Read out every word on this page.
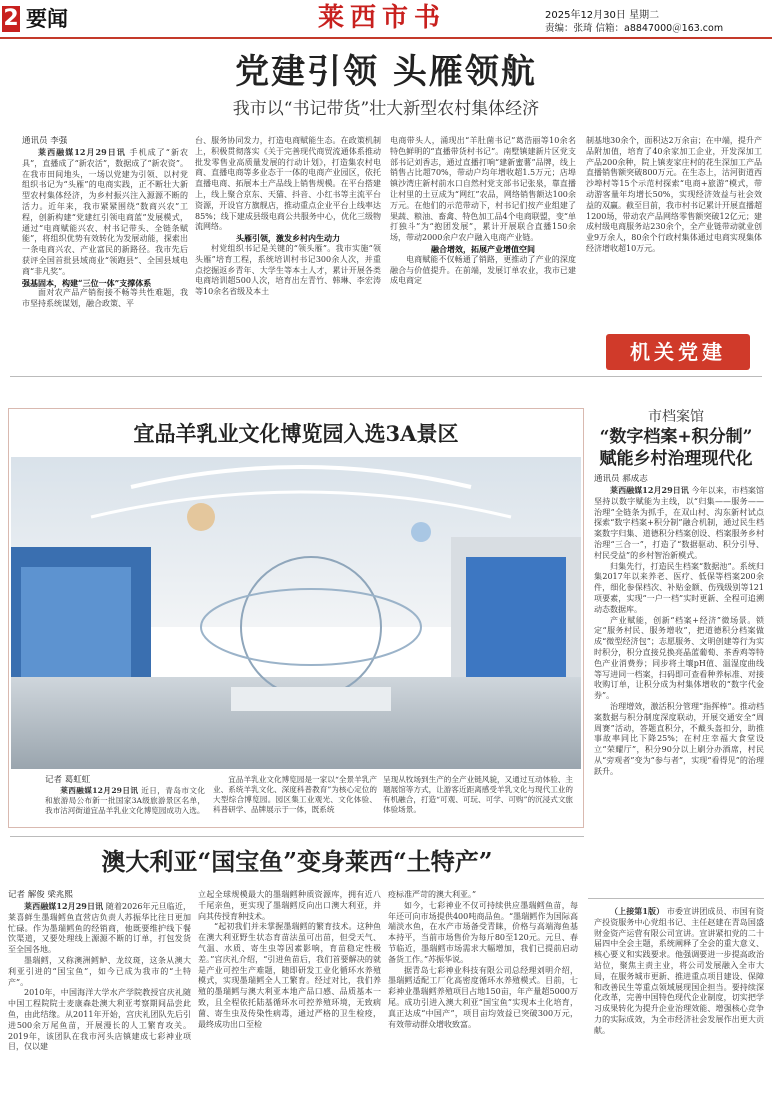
2 要闻	莱西市书	2025年12月30日 星期二
责编：张琦 信箱：a8847000＠163.com
党建引领 头雁领航
我市以“书记带货”壮大新型农村集体经济
通讯员 李强

莱西融媒12月29日讯 手机成了“新农具”，直播成了“新农活”，数据成了“新农资”。在我市田间地头，一场以党建为引领、以村党组织书记为“头雁”的电商实践，正不断壮大新型农村集体经济，为乡村振兴注入源源不断的活力。近年来，我市紧紧围绕“数商兴农”工程，创新构建“党建红引领电商蓝”发展模式，通过“电商赋能兴农、村书记带头、全链条赋能”，将组织优势有效转化为发展动能，探索出一条电商兴农、产业富民的新路径。我市先后获评全国首批县域商业“领跑县”、全国县域电商“非凡奖”。

强基固本，构建“三位一体”支撑体系

面对农产品产销衔接不畅等共性难题，我市坚持系统谋划，融合政策、平

台、服务协同发力，打造电商赋能生态。在政策机制上，积极贯彻落实《关于完善现代商贸流通体系推动批发零售业高质量发展的行动计划》，打造集农村电商、直播电商等多业态于一体的电商产业园区，依托直播电商、拓展本土产品线上销售规模。在平台搭建上，线上聚合京东、天猫、抖音、小红书等主流平台资源，开设官方旗舰店，推动重点企业平台上线率达85%；线下建成县级电商公共服务中心，优化三级物流网络。

头雁引领，激发乡村内生动力

村党组织书记是关键的“领头雁”。我市实施“领头雁”培育工程，系统培训村书记300余人次，并重点挖掘返乡青年、大学生等本土人才，累计开展各类电商培训超500人次，培育出左青竹、韩琳、李宏涛等10余名省级及本土

电商带头人，涌现出“羊肚菌书记”葛浩丽等10余名特色鲜明的“直播带货村书记”。南墅镇建新片区党支部书记刘香志，通过直播打响“建新蜜薯”品牌，线上销售占比超70%，带动户均年增收超1.5万元；店埠镇沙湾庄新村前水口自然村党支部书记张泉，靠直播让村里的土豆成为“网红”农品，网络销售额达100余万元。在他们的示范带动下，村书记们按产业组建了果蔬、粮油、畜禽、特色加工品4个电商联盟，变“单打独斗”为“抱团发展”，累计开展联合直播150余场，带动2000余户农户融入电商产业链。

融合增效，拓展产业增值空间

电商赋能不仅畅通了销路，更推动了产业的深度融合与价值提升。在前端，发展订单农业，我市已建成电商定

制基地30余个，面积达2万余亩；在中端，提升产品附加值，培育了40余家加工企业，开发深加工产品200余种，院上镇麦家庄村的花生深加工产品直播销售额突破800万元。在生态上，沽河街道西沙埠村等15个示范村探索“电商+旅游”模式，带动游客量年均增长50%，实现经济效益与社会效益的双赢。截至目前，我市村书记累计开展直播超1200场，带动农产品网络零售额突破12亿元；建成村级电商服务站230余个，全产业链带动就业创业9万余人，80余个行政村集体通过电商实现集体经济增收超10万元。

机关党建
宜品羊乳业文化博览园入选3A景区
记者 葛虹虹

莱西融媒12月29日讯 近日，青岛市文化和旅游局公布新一批国家3A级旅游景区名单，我市沽河街道宜品羊乳业文化博览园成功入选。

宜品羊乳业文化博览园是一家以“全景羊乳产业、系统羊乳文化、深度科普教育”为核心定位的大型综合博览园。园区集工业观光、文化体验、科普研学、品牌展示于一体，既系统

呈现从牧场到生产的全产业链风貌，又通过互动体验、主题展馆等方式，让游客近距离感受羊乳文化与现代工业的有机融合，打造“可观、可玩、可学、可购”的沉浸式文旅体验场景。

市档案馆
“数字档案+积分制”
赋能乡村治理现代化
通讯员 郝成志

莱西融媒12月29日讯 今年以来，市档案馆坚持以数字赋能为主线，以“归集——服务——治理”全链条为抓手，在双山村、沟东新村试点探索“数字档案+积分制”融合机制，通过民生档案数字归集、道德积分档案创设、档案服务乡村治理“三合一”，打造了“数据驱动、积分引导、村民受益”的乡村智治新模式。

归集先行，打造民生档案“数据池”。系统归集2017年以来养老、医疗、低保等档案200余件，细化参保档次、补贴金额、伤残级别等121项要素，实现“一户一档”实时更新、全程可追溯动态数据库。

产业赋能，创新“档案+经济”微场景。锁定“服务村民、服务增收”，把道德积分档案做成“微型经济包”；志愿服务、文明创建等行为实时积分，积分直接兑换亮晶蓝葡萄、茶香鸡等特色产业消费券；同步将土壤pH值、温湿度曲线等写进同一档案，扫码即可查看种养标准、对接收购订单，让积分成为村集体增收的“数字代金券”。

治理增效，激活积分管理“指挥棒”。推动档案数据与积分制度深度联动，开展交通安全“周周赛”活动，答题直积分，不戴头盔扣分，助推事故率同比下降25%；在村庄幸福大食堂设立“荣耀厅”，积分90分以上刷分办酒席，村民从“旁观者”变为“参与者”，实现“看得见”的治理跃升。

澳大利亚“国宝鱼”变身莱西“土特产”
记者 解俊 梁兆熙

莱西融媒12月29日讯 随着2026年元旦临近，莱喜鲜生墨瑞鳕鱼直营店负责人苏振华比往日更加忙碌。作为墨瑞鳕鱼的经销商，他既要维护线下餐饮渠道，又要处理线上源源不断的订单，打包发货至全国各地。

墨瑞鳕，又称澳洲鳕鲈、龙纹斑，这条从澳大利亚引进的“国宝鱼”，如今已成为我市的“土特产”。

2010年，中国海洋大学水产学院教授宫庆礼随中国工程院院士麦康森赴澳大利亚考察期间品尝此鱼，由此结缘。从2011年开始，宫庆礼团队先后引进500余万尾鱼苗，开展漫长的人工繁育攻关。2019年，该团队在我市河头店镇建成七彩神业项目，仅以建

立起全球规模最大的墨瑞鳕种质资源库，拥有近八千尾亲鱼，更实现了墨瑞鳕反向出口澳大利亚，并向其传授育种技术。

“起初我们并未掌握墨瑞鳕的繁育技术。这种鱼在澳大利亚野生状态育苗法虽可出苗，但受天气、气温、水质、寄生虫等因素影响，育苗稳定性极差。”宫庆礼介绍，“引进鱼苗后，我们首要解决的就是产业可控生产难题，随即研发工业化循环水养殖模式，实现墨瑞鳕全人工繁育。经过对比，我们养殖的墨瑞鳕与澳大利亚本地产品口感、品质基本一致，且全程依托陆基循环水可控养殖环境，无致病菌、寄生虫及传染性病毒，通过严格的卫生检疫，最终成功出口至检

疫标准严苛的澳大利亚。”

如今，七彩神业不仅可持续供应墨瑞鳕鱼苗，每年还可向市场提供400吨商品鱼。“墨瑞鳕作为国际高端淡水鱼，在水产市场备受青睐，价格与高端海鱼基本持平，当前市场售价为每斤80至120元。元旦、春节临近，墨瑞鳕市场需求大幅增加，我们已提前启动备货工作。”苏振华说。

据青岛七彩神业科技有限公司总经理刘明介绍，墨瑞鳕适配工厂化高密度循环水养殖模式。目前，七彩神业墨瑞鳕养殖项目占地150亩，年产量超5000万尾。成功引进入澳大利亚“国宝鱼”实现本土化培育，真正达成“中国产”，项目亩均效益已突破300万元，有效带动群众增收致富。

（上接第1版） 市委宣讲团成员、市国有资产投资服务中心党组书记、主任赵建在青岛国盛财金资产运营有限公司宣讲。宣讲紧扣党的二十届四中全会主题，系统阐释了全会的重大意义、核心要义和实践要求。他强调要进一步提高政治站位，聚焦主责主业，将公司发展融入全市大局，在服务城市更新、推进重点项目建设、保障和改善民生等重点领域展现国企担当。要持续深化改革，完善中国特色现代企业制度，切实把学习成果转化为提升企业治理效能、增强核心竞争力的实际成效，为全市经济社会发展作出更大贡献。
